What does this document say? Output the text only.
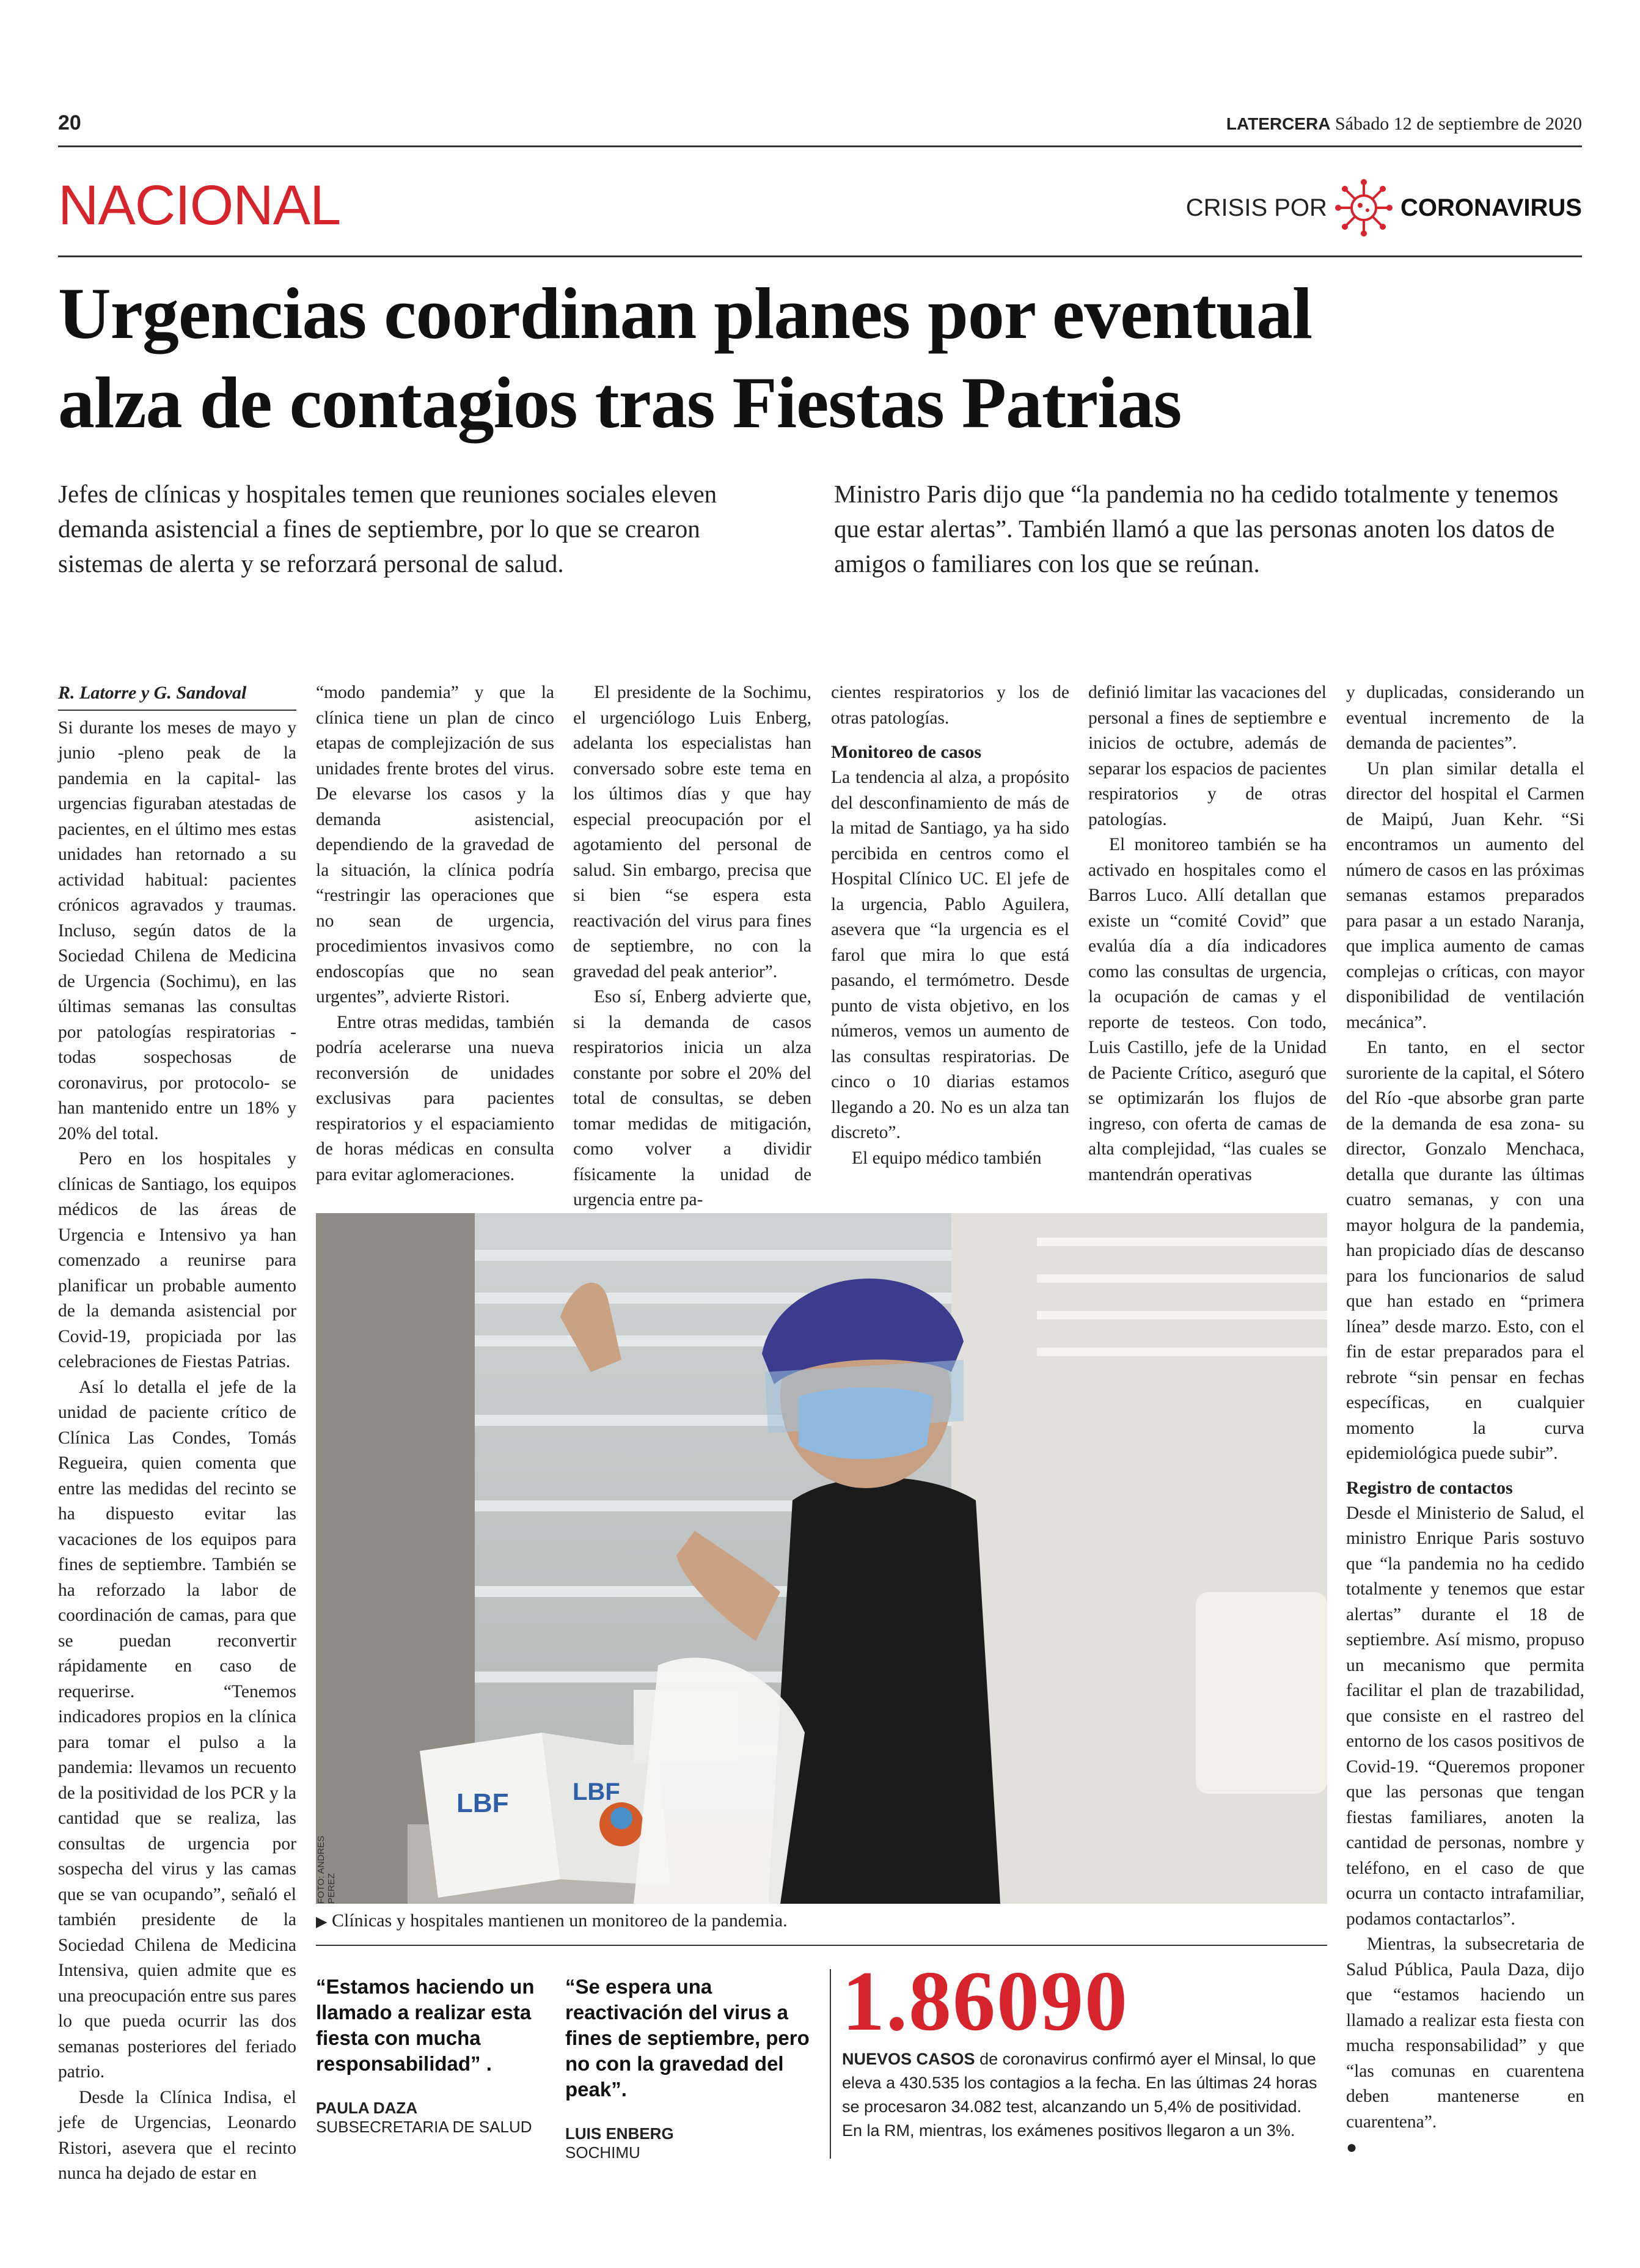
20	LATERCERA Sábado 12 de septiembre de 2020
NACIONAL	CRISIS POR	CORONAVIRUS
Urgencias coordinan planes por eventual
alza de contagios tras Fiestas Patrias
Jefes de clínicas y hospitales temen que reuniones sociales eleven demanda asistencial a fines de septiembre, por lo que se crearon sistemas de alerta y se reforzará personal de salud.
Ministro Paris dijo que “la pandemia no ha cedido totalmente y tenemos que estar alertas”. También llamó a que las personas anoten los datos de amigos o familiares con los que se reúnan.
R. Latorre y G. Sandoval

Si durante los meses de mayo y junio -pleno peak de la pandemia en la capital- las urgencias figuraban atestadas de pacientes, en el último mes estas unidades han retornado a su actividad habitual: pacientes crónicos agravados y traumas. Incluso, según datos de la Sociedad Chilena de Medicina de Urgencia (Sochimu), en las últimas semanas las consultas por patologías respiratorias -todas sospechosas de coronavirus, por protocolo- se han mantenido entre un 18% y 20% del total.

Pero en los hospitales y clínicas de Santiago, los equipos médicos de las áreas de Urgencia e Intensivo ya han comenzado a reunirse para planificar un probable aumento de la demanda asistencial por Covid-19, propiciada por las celebraciones de Fiestas Patrias.

Así lo detalla el jefe de la unidad de paciente crítico de Clínica Las Condes, Tomás Regueira, quien comenta que entre las medidas del recinto se ha dispuesto evitar las vacaciones de los equipos para fines de septiembre. También se ha reforzado la labor de coordinación de camas, para que se puedan reconvertir rápidamente en caso de requerirse. “Tenemos indicadores propios en la clínica para tomar el pulso a la pandemia: llevamos un recuento de la positividad de los PCR y la cantidad que se realiza, las consultas de urgencia por sospecha del virus y las camas que se van ocupando”, señaló el también presidente de la Sociedad Chilena de Medicina Intensiva, quien admite que es una preocupación entre sus pares lo que pueda ocurrir las dos semanas posteriores del feriado patrio.

Desde la Clínica Indisa, el jefe de Urgencias, Leonardo Ristori, asevera que el recinto nunca ha dejado de estar en

“modo pandemia” y que la clínica tiene un plan de cinco etapas de complejización de sus unidades frente brotes del virus. De elevarse los casos y la demanda asistencial, dependiendo de la gravedad de la situación, la clínica podría “restringir las operaciones que no sean de urgencia, procedimientos invasivos como endoscopías que no sean urgentes”, advierte Ristori.

Entre otras medidas, también podría acelerarse una nueva reconversión de unidades exclusivas para pacientes respiratorios y el espaciamiento de horas médicas en consulta para evitar aglomeraciones.

El presidente de la Sochimu, el urgenciólogo Luis Enberg, adelanta los especialistas han conversado sobre este tema en los últimos días y que hay especial preocupación por el agotamiento del personal de salud. Sin embargo, precisa que si bien “se espera esta reactivación del virus para fines de septiembre, no con la gravedad del peak anterior”.

Eso sí, Enberg advierte que, si la demanda de casos respiratorios inicia un alza constante por sobre el 20% del total de consultas, se deben tomar medidas de mitigación, como volver a dividir físicamente la unidad de urgencia entre pa-

cientes respiratorios y los de otras patologías.

Monitoreo de casos

La tendencia al alza, a propósito del desconfinamiento de más de la mitad de Santiago, ya ha sido percibida en centros como el Hospital Clínico UC. El jefe de la urgencia, Pablo Aguilera, asevera que “la urgencia es el farol que mira lo que está pasando, el termómetro. Desde punto de vista objetivo, en los números, vemos un aumento de las consultas respiratorias. De cinco o 10 diarias estamos llegando a 20. No es un alza tan discreto”.

El equipo médico también

definió limitar las vacaciones del personal a fines de septiembre e inicios de octubre, además de separar los espacios de pacientes respiratorios y de otras patologías.

El monitoreo también se ha activado en hospitales como el Barros Luco. Allí detallan que existe un “comité Covid” que evalúa día a día indicadores como las consultas de urgencia, la ocupación de camas y el reporte de testeos. Con todo, Luis Castillo, jefe de la Unidad de Paciente Crítico, aseguró que se optimizarán los flujos de ingreso, con oferta de camas de alta complejidad, “las cuales se mantendrán operativas

y duplicadas, considerando un eventual incremento de la demanda de pacientes”.

Un plan similar detalla el director del hospital el Carmen de Maipú, Juan Kehr. “Si encontramos un aumento del número de casos en las próximas semanas estamos preparados para pasar a un estado Naranja, que implica aumento de camas complejas o críticas, con mayor disponibilidad de ventilación mecánica”.

En tanto, en el sector suroriente de la capital, el Sótero del Río -que absorbe gran parte de la demanda de esa zona- su director, Gonzalo Menchaca, detalla que durante las últimas cuatro semanas, y con una mayor holgura de la pandemia, han propiciado días de descanso para los funcionarios de salud que han estado en “primera línea” desde marzo. Esto, con el fin de estar preparados para el rebrote “sin pensar en fechas específicas, en cualquier momento la curva epidemiológica puede subir”.

Registro de contactos

Desde el Ministerio de Salud, el ministro Enrique Paris sostuvo que “la pandemia no ha cedido totalmente y tenemos que estar alertas” durante el 18 de septiembre. Así mismo, propuso un mecanismo que permita facilitar el plan de trazabilidad, que consiste en el rastreo del entorno de los casos positivos de Covid-19. “Queremos proponer que las personas que tengan fiestas familiares, anoten la cantidad de personas, nombre y teléfono, en el caso de que ocurra un contacto intrafamiliar, podamos contactarlos”.

Mientras, la subsecretaria de Salud Pública, Paula Daza, dijo que “estamos haciendo un llamado a realizar esta fiesta con mucha responsabilidad” y que “las comunas en cuarentena deben mantenerse en cuarentena”.

●
LBF	LBF
FOTO: ANDRES PEREZ
▶ Clínicas y hospitales mantienen un monitoreo de la pandemia.
“Estamos haciendo un llamado a realizar esta fiesta con mucha responsabilidad” .
PAULA DAZA
SUBSECRETARIA DE SALUD
“Se espera una reactivación del virus a fines de septiembre, pero no con la gravedad del peak”.
LUIS ENBERG
SOCHIMU
1.86090
NUEVOS CASOS de coronavirus confirmó ayer el Minsal, lo que eleva a 430.535 los contagios a la fecha. En las últimas 24 horas se procesaron 34.082 test, alcanzando un 5,4% de positividad. En la RM, mientras, los exámenes positivos llegaron a un 3%.
